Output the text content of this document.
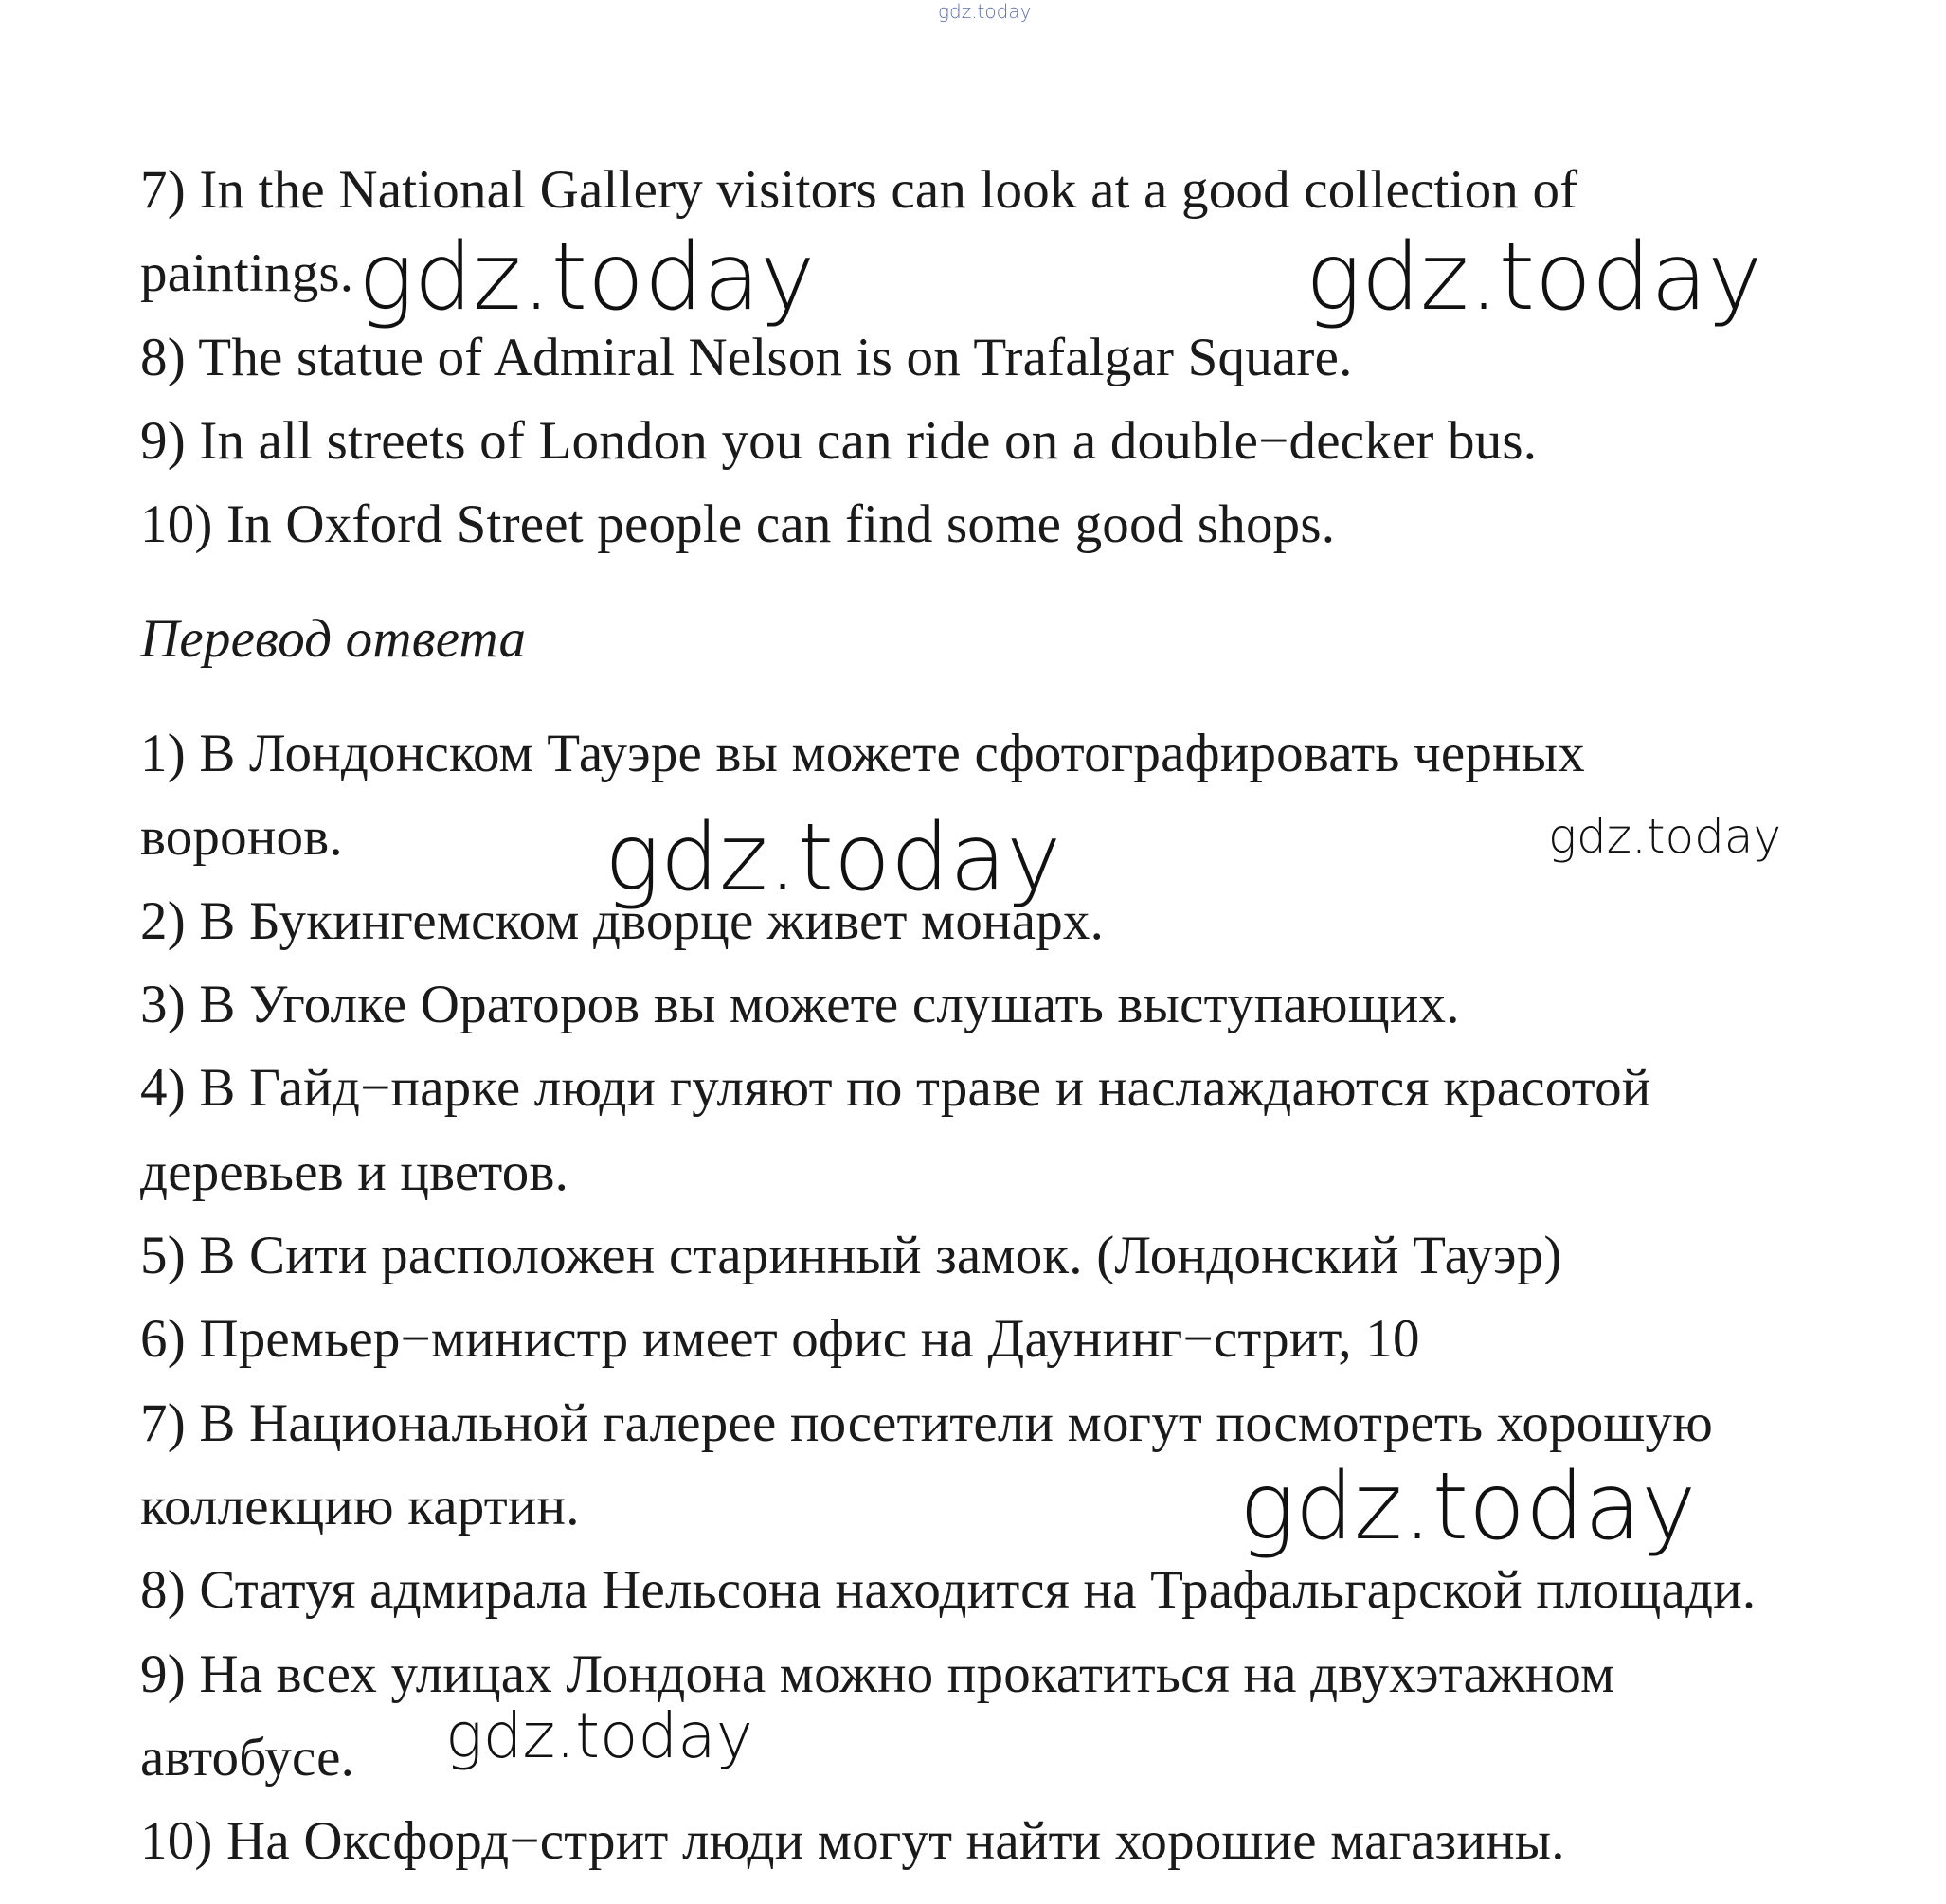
gdz.today
7) In the National Gallery visitors can look at a good collection of
paintings.
8) The statue of Admiral Nelson is on Trafalgar Square.
9) In all streets of London you can ride on a double−decker bus.
10) In Oxford Street people can find some good shops.
Перевод ответа
1) В Лондонском Тауэре вы можете сфотографировать черных
воронов.
2) В Букингемском дворце живет монарх.
3) В Уголке Ораторов вы можете слушать выступающих.
4) В Гайд−парке люди гуляют по траве и наслаждаются красотой
деревьев и цветов.
5) В Сити расположен старинный замок. (Лондонский Тауэр)
6) Премьер−министр имеет офис на Даунинг−стрит, 10
7) В Национальной галерее посетители могут посмотреть хорошую
коллекцию картин.
8) Статуя адмирала Нельсона находится на Трафальгарской площади.
9) На всех улицах Лондона можно прокатиться на двухэтажном
автобусе.
10) На Оксфорд−стрит люди могут найти хорошие магазины.
gdz.today	gdz.today
gdz.today	gdz.today
gdz.today
gdz.today
